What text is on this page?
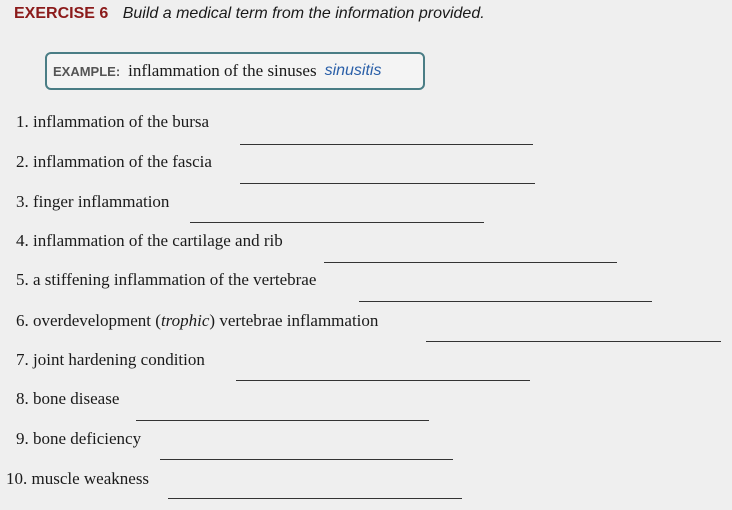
EXERCISE 6 Build a medical term from the information provided.
EXAMPLE: inflammation of the sinuses sinusitis
1. inflammation of the bursa
2. inflammation of the fascia
3. finger inflammation
4. inflammation of the cartilage and rib
5. a stiffening inflammation of the vertebrae
6. overdevelopment (trophic) vertebrae inflammation
7. joint hardening condition
8. bone disease
9. bone deficiency
10. muscle weakness
